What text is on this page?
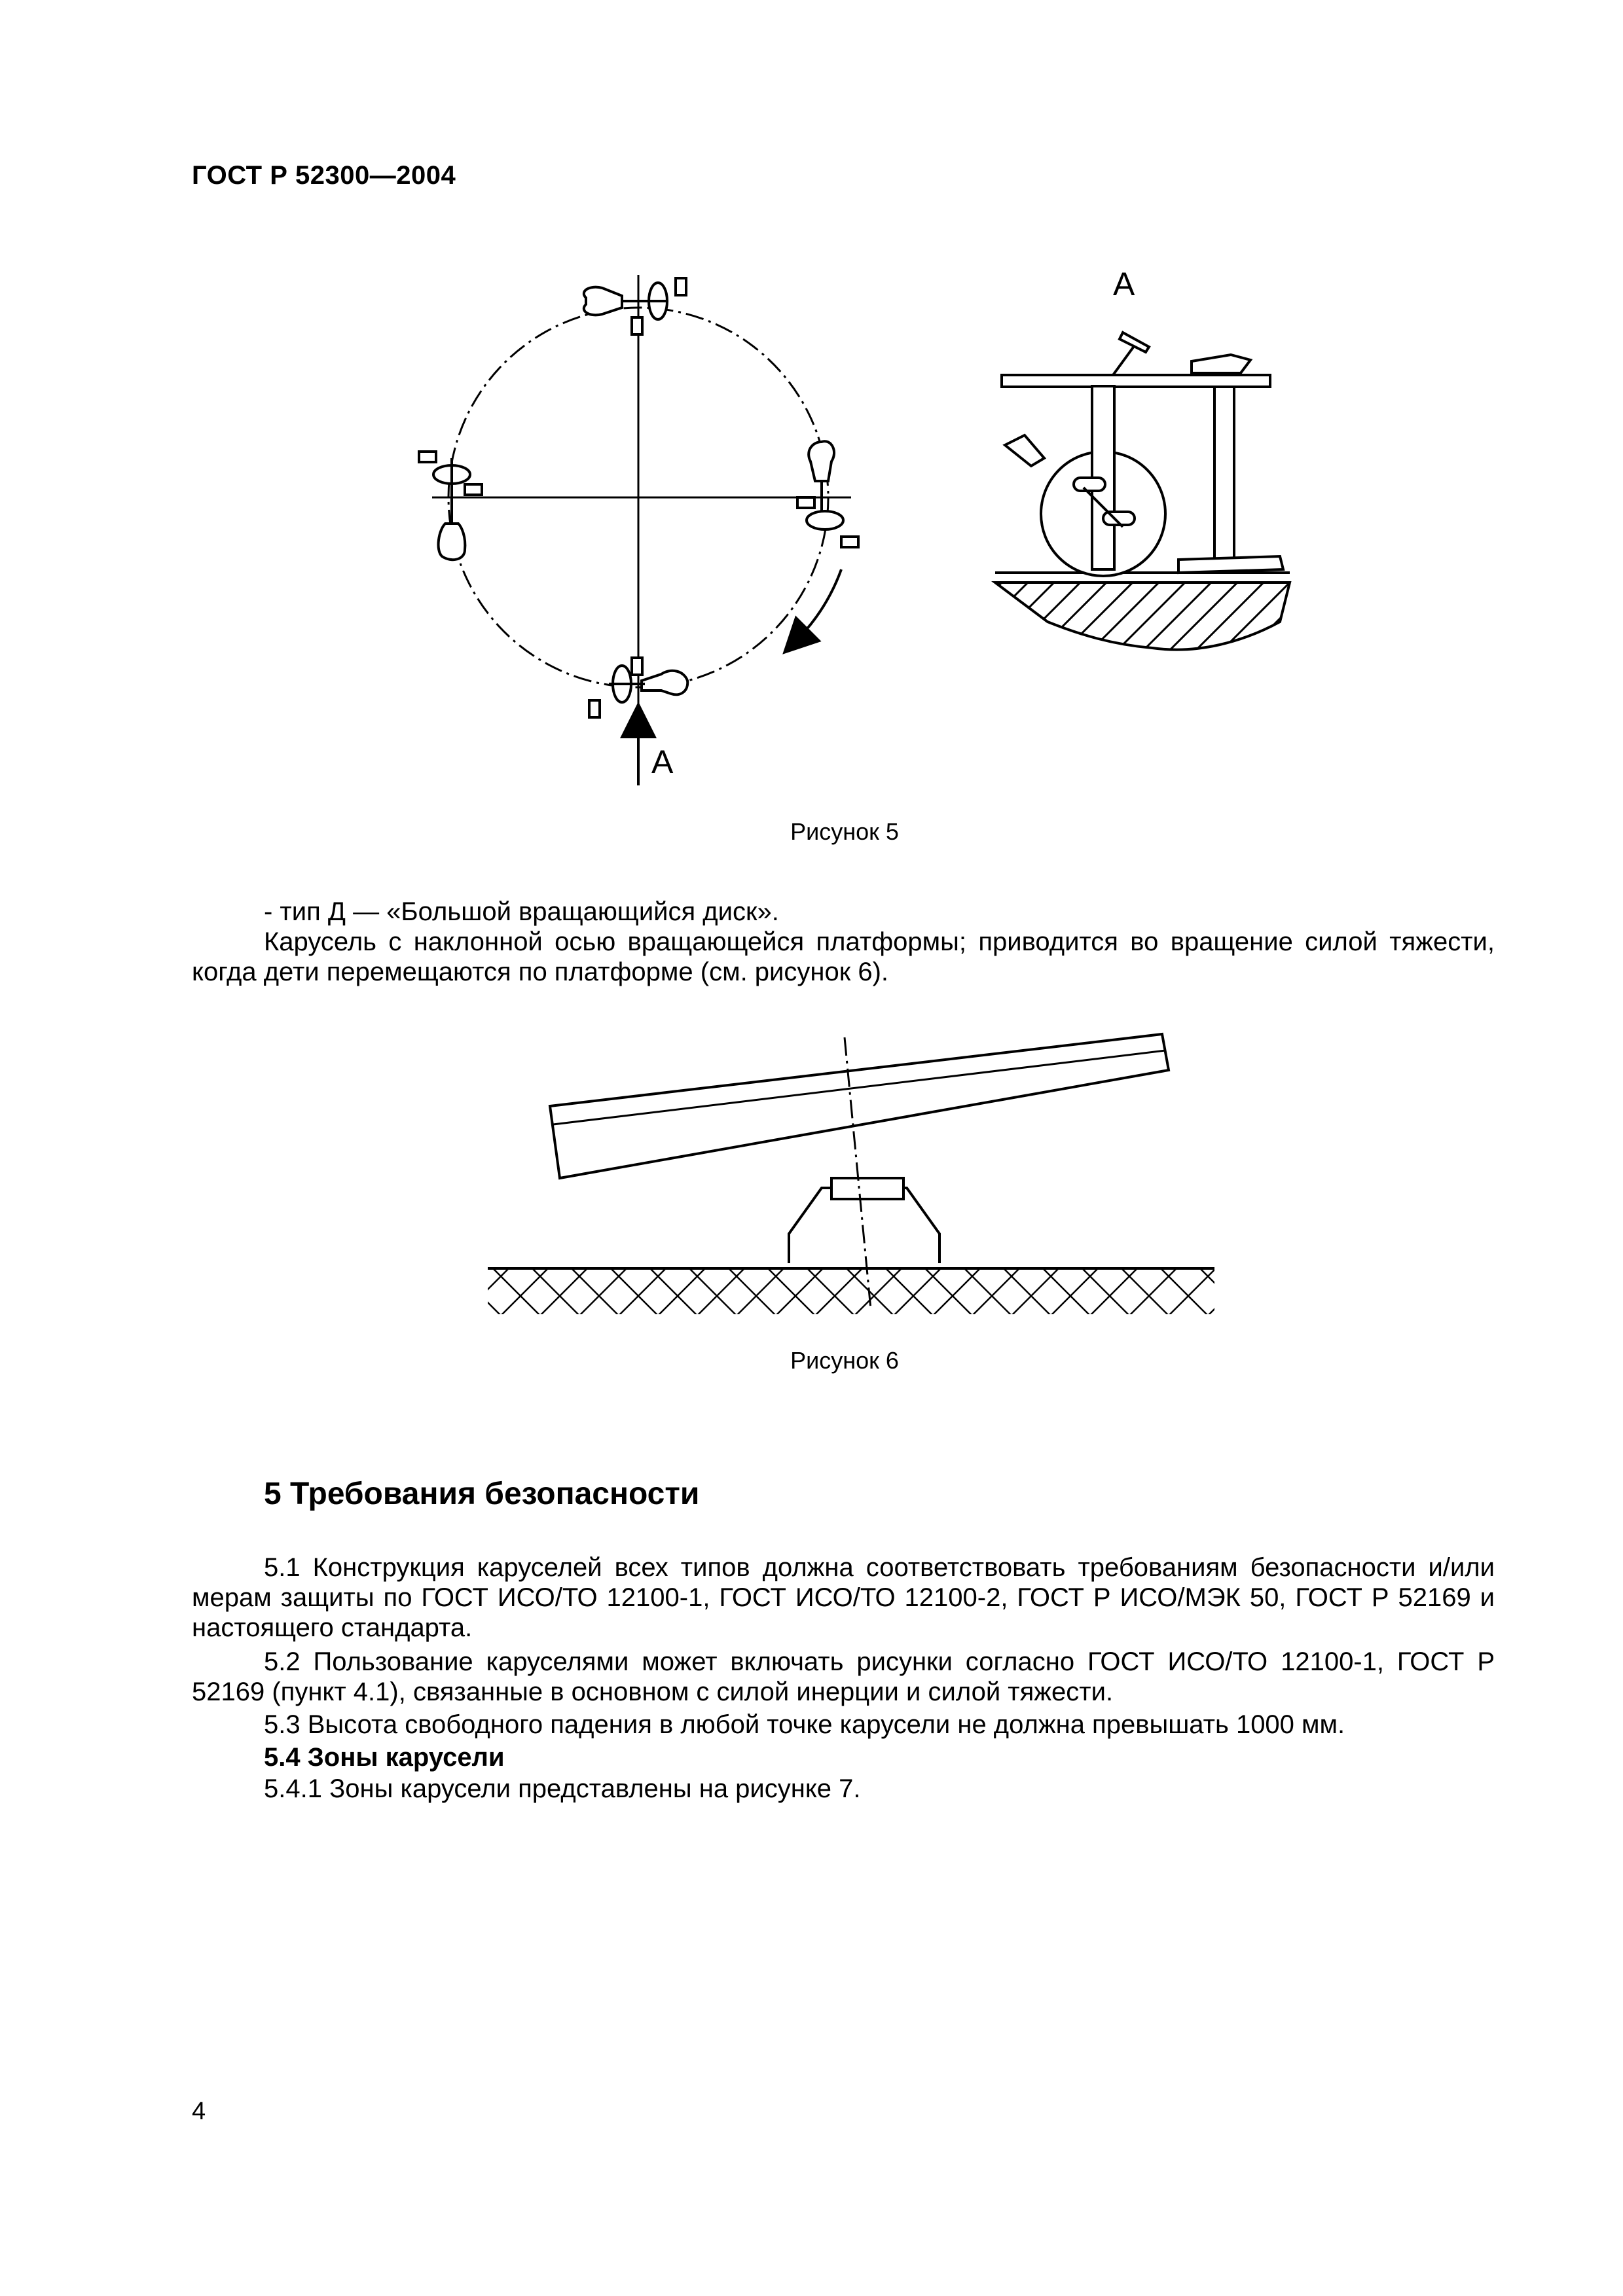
ГОСТ Р 52300—2004
А
А
Рисунок 5
- тип Д — «Большой вращающийся диск».
Карусель с наклонной осью вращающейся платформы; приводится во вращение силой тяжести, когда дети перемещаются по платформе (см. рисунок 6).
Рисунок 6
5 Требования безопасности
5.1 Конструкция каруселей всех типов должна соответствовать требованиям безопасности и/или мерам защиты по ГОСТ ИСО/ТО 12100-1, ГОСТ ИСО/ТО 12100-2, ГОСТ Р ИСО/МЭК 50, ГОСТ Р 52169 и настоящего стандарта.
5.2 Пользование каруселями может включать рисунки согласно ГОСТ ИСО/ТО 12100-1, ГОСТ Р 52169 (пункт 4.1), связанные в основном с силой инерции и силой тяжести.
5.3 Высота свободного падения в любой точке карусели не должна превышать 1000 мм.
5.4 Зоны карусели
5.4.1 Зоны карусели представлены на рисунке 7.
4
